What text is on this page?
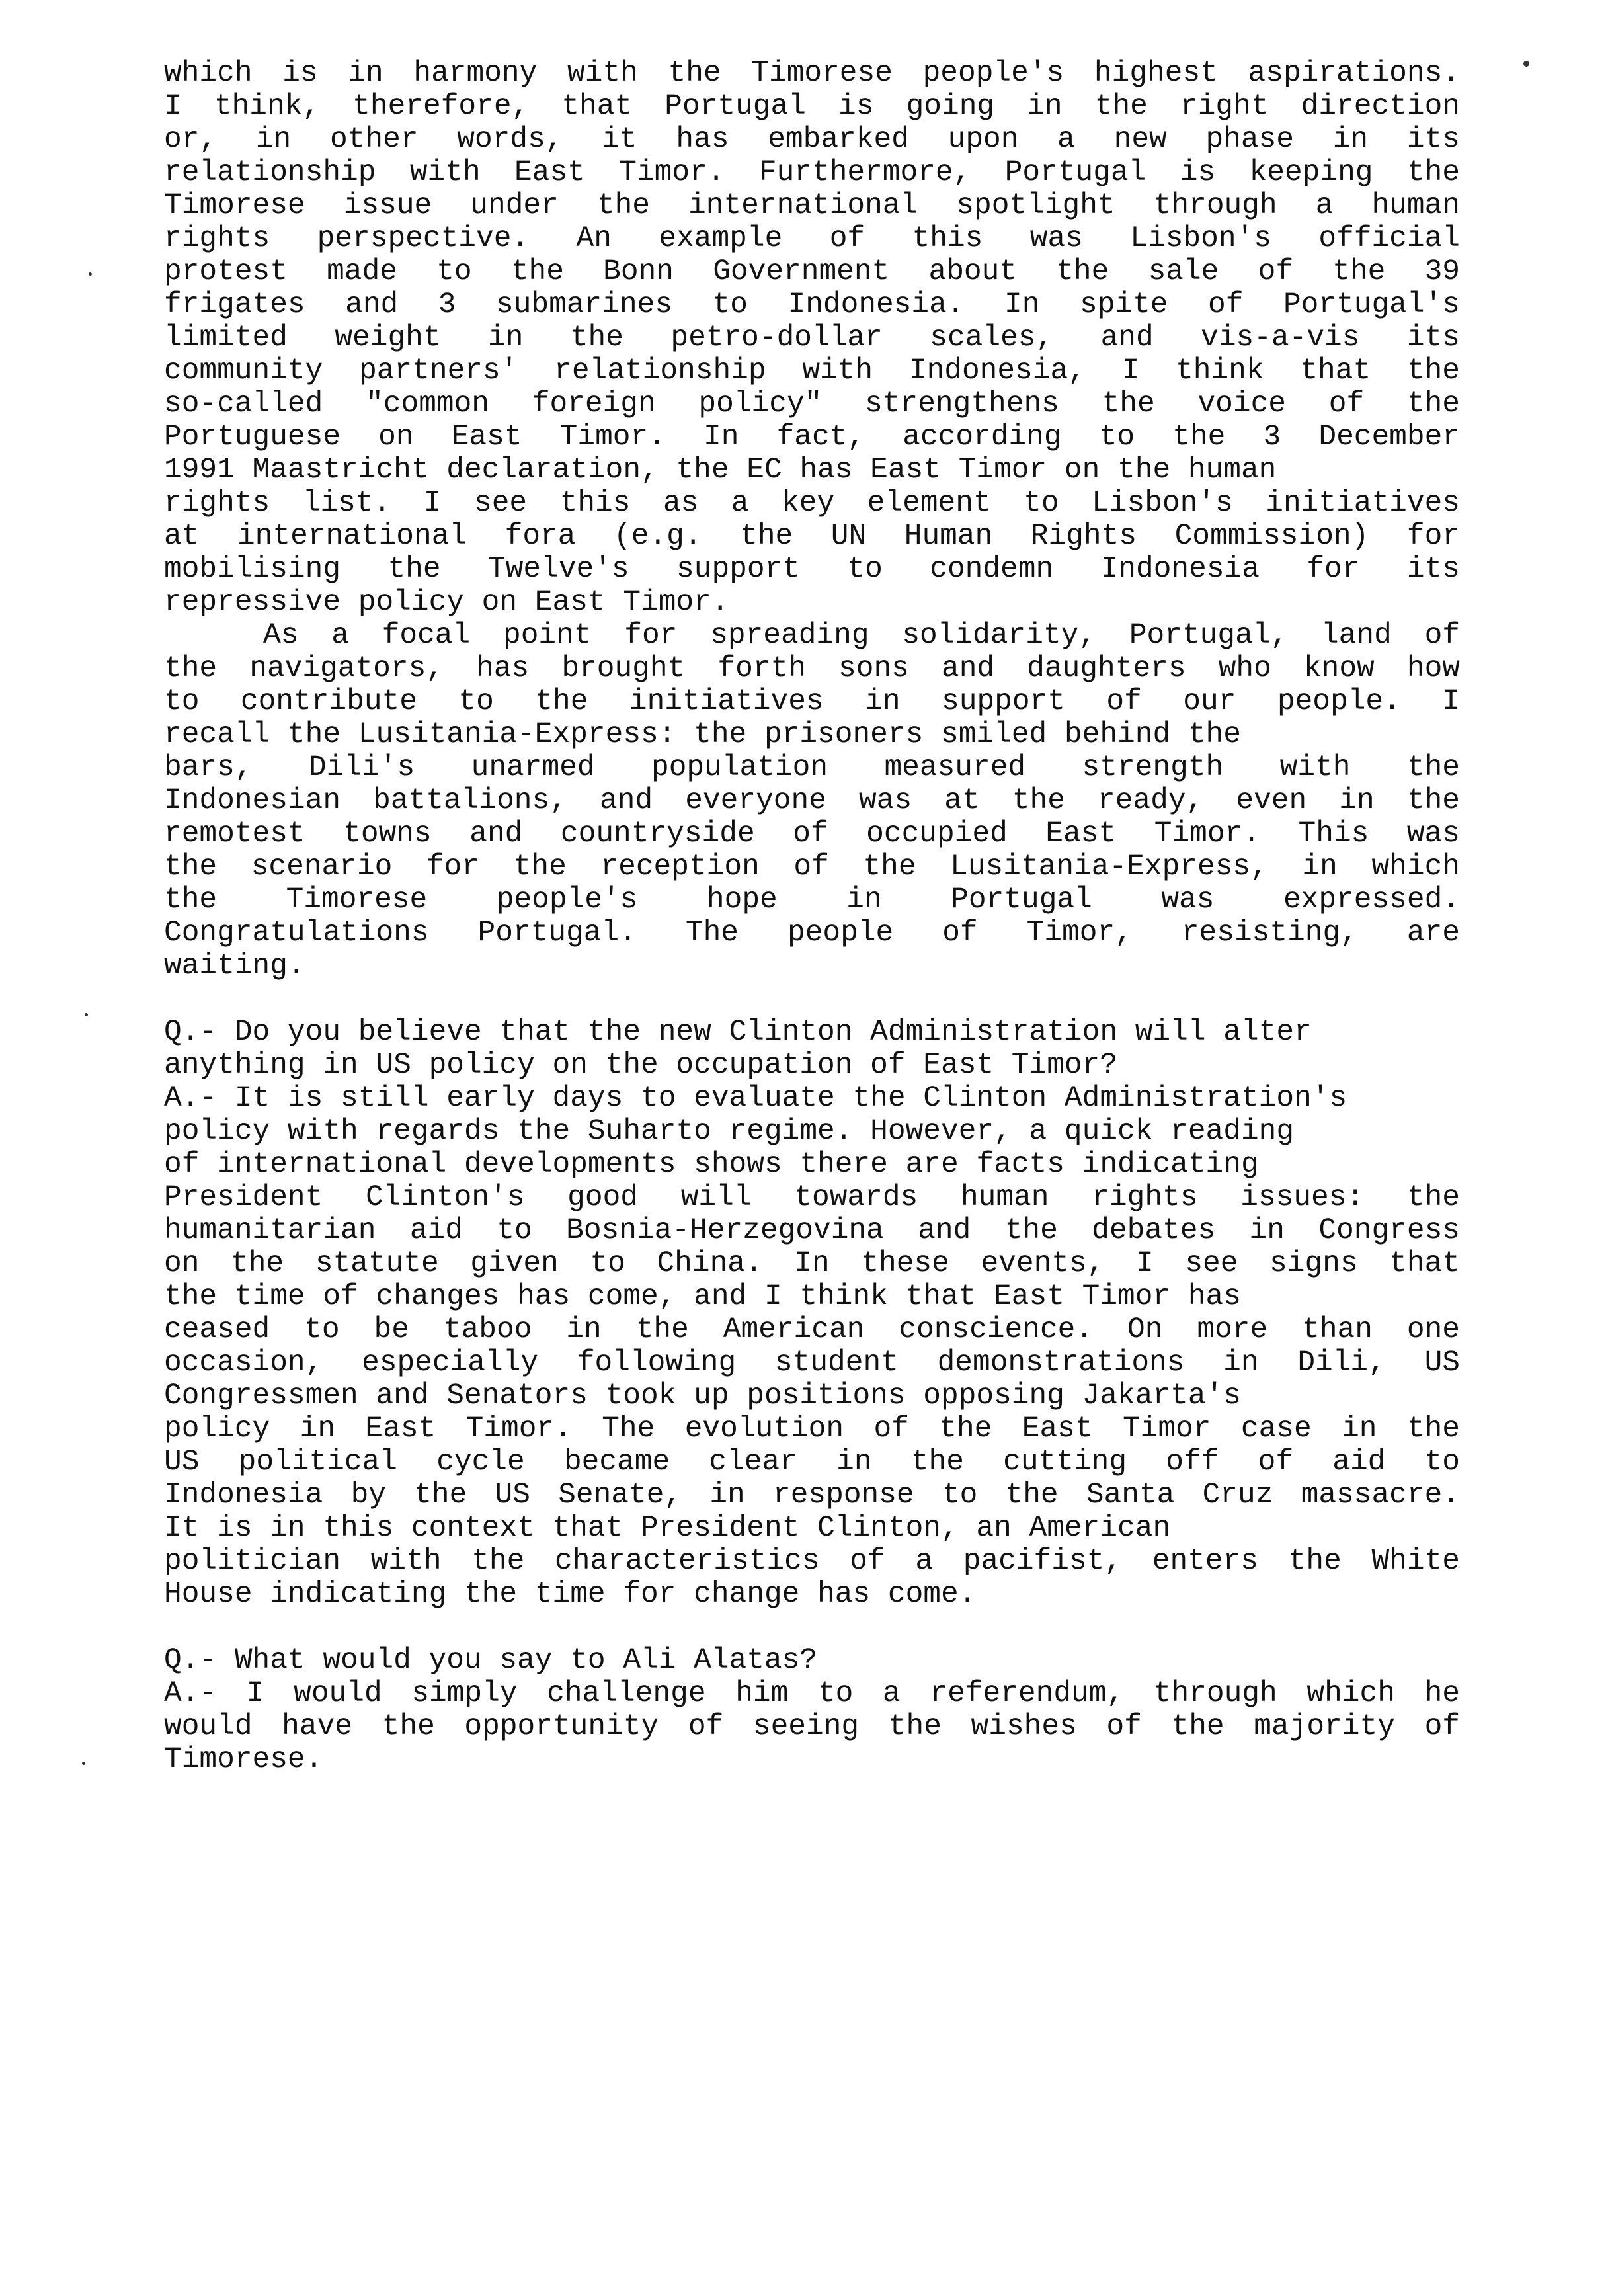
which is in harmony with the Timorese people's highest aspirations.
I think, therefore, that Portugal is going in the right direction
or, in other words, it has embarked upon a new phase in its
relationship with East Timor. Furthermore, Portugal is keeping the
Timorese issue under the international spotlight through a human
rights perspective. An example of this was Lisbon's official
protest made to the Bonn Government about the sale of the 39
frigates and 3 submarines to Indonesia. In spite of Portugal's
limited weight in the petro-dollar scales, and vis-a-vis its
community partners' relationship with Indonesia, I think that the
so-called "common foreign policy" strengthens the voice of the
Portuguese on East Timor. In fact, according to the 3 December
1991 Maastricht declaration, the EC has East Timor on the human
rights list. I see this as a key element to Lisbon's initiatives
at international fora (e.g. the UN Human Rights Commission) for
mobilising the Twelve's support to condemn Indonesia for its
repressive policy on East Timor.
As a focal point for spreading solidarity, Portugal, land of
the navigators, has brought forth sons and daughters who know how
to contribute to the initiatives in support of our people. I
recall the Lusitania-Express: the prisoners smiled behind the
bars, Dili's unarmed population measured strength with the
Indonesian battalions, and everyone was at the ready, even in the
remotest towns and countryside of occupied East Timor. This was
the scenario for the reception of the Lusitania-Express, in which
the Timorese people's hope in Portugal was expressed.
Congratulations Portugal. The people of Timor, resisting, are
waiting.
Q.- Do you believe that the new Clinton Administration will alter
anything in US policy on the occupation of East Timor?
A.- It is still early days to evaluate the Clinton Administration's
policy with regards the Suharto regime. However, a quick reading
of international developments shows there are facts indicating
President Clinton's good will towards human rights issues: the
humanitarian aid to Bosnia-Herzegovina and the debates in Congress
on the statute given to China. In these events, I see signs that
the time of changes has come, and I think that East Timor has
ceased to be taboo in the American conscience. On more than one
occasion, especially following student demonstrations in Dili, US
Congressmen and Senators took up positions opposing Jakarta's
policy in East Timor. The evolution of the East Timor case in the
US political cycle became clear in the cutting off of aid to
Indonesia by the US Senate, in response to the Santa Cruz massacre.
It is in this context that President Clinton, an American
politician with the characteristics of a pacifist, enters the White
House indicating the time for change has come.
Q.- What would you say to Ali Alatas?
A.- I would simply challenge him to a referendum, through which he
would have the opportunity of seeing the wishes of the majority of
Timorese.
